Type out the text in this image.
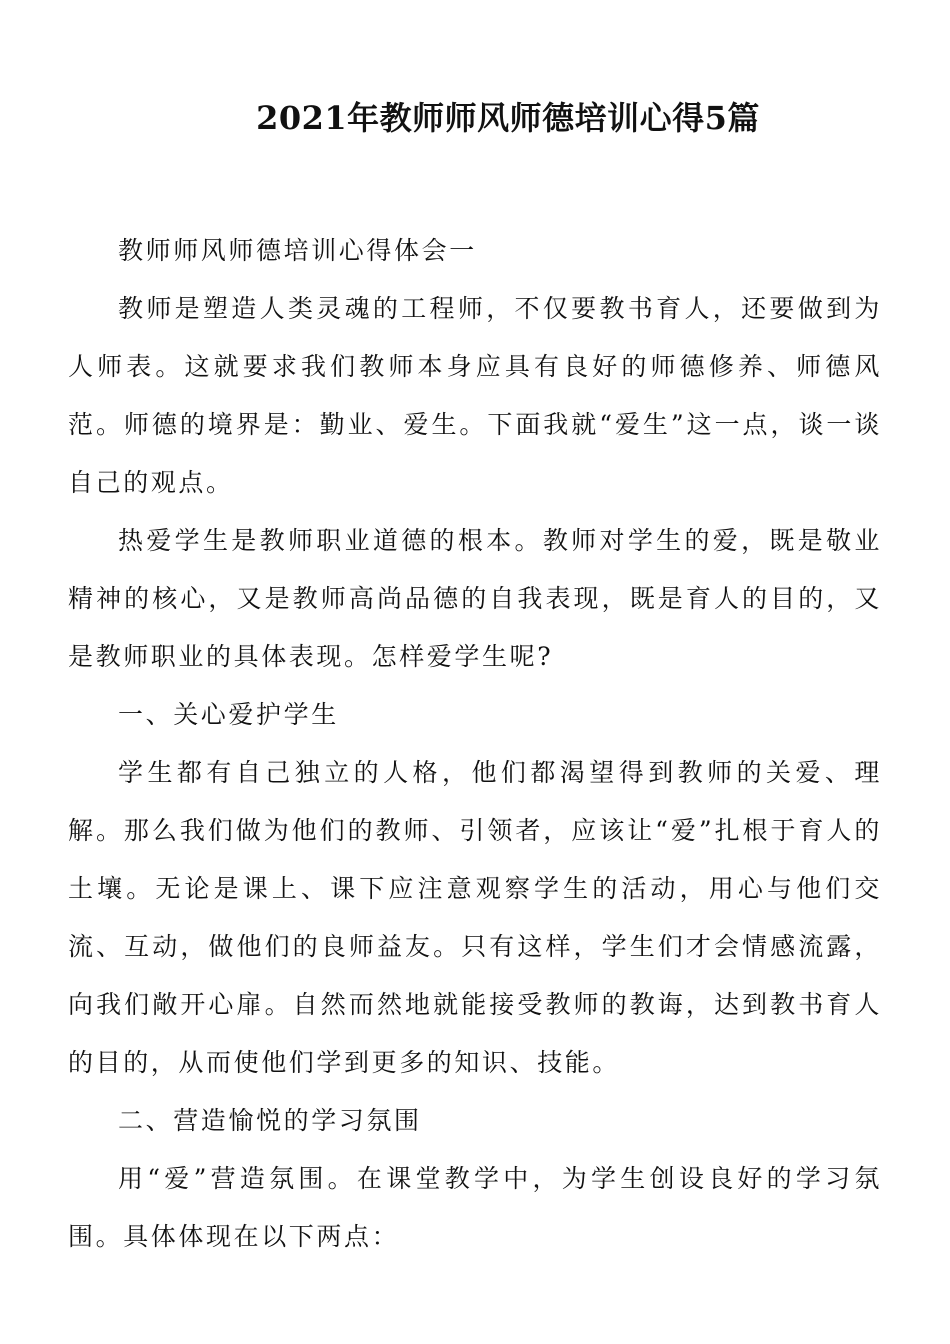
2021年教师师风师德培训心得5篇

教师师风师德培训心得体会一

教师是塑造人类灵魂的工程师，不仅要教书育人，还要做到为人师表。这就要求我们教师本身应具有良好的师德修养、师德风范。师德的境界是：勤业、爱生。下面我就“爱生”这一点，谈一谈自己的观点。

热爱学生是教师职业道德的根本。教师对学生的爱，既是敬业精神的核心，又是教师高尚品德的自我表现，既是育人的目的，又是教师职业的具体表现。怎样爱学生呢?

一、关心爱护学生

学生都有自己独立的人格，他们都渴望得到教师的关爱、理解。那么我们做为他们的教师、引领者，应该让“爱”扎根于育人的土壤。无论是课上、课下应注意观察学生的活动，用心与他们交流、互动，做他们的良师益友。只有这样，学生们才会情感流露，向我们敞开心扉。自然而然地就能接受教师的教诲，达到教书育人的目的，从而使他们学到更多的知识、技能。

二、营造愉悦的学习氛围

用“爱”营造氛围。在课堂教学中，为学生创设良好的学习氛围。具体体现在以下两点：
